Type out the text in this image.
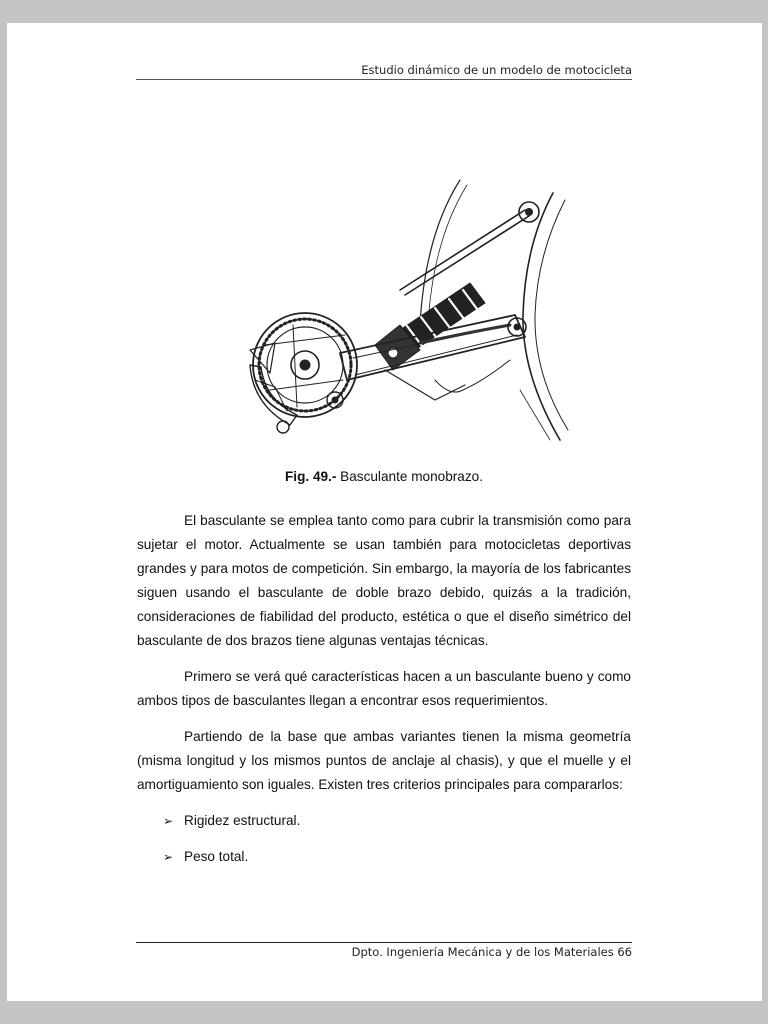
Estudio dinámico de un modelo de motocicleta
Fig. 49.- Basculante monobrazo.

El basculante se emplea tanto como para cubrir la transmisión como para sujetar el motor. Actualmente se usan también para motocicletas deportivas grandes y para motos de competición. Sin embargo, la mayoría de los fabricantes siguen usando el basculante de doble brazo debido, quizás a la tradición, consideraciones de fiabilidad del producto, estética o que el diseño simétrico del basculante de dos brazos tiene algunas ventajas técnicas.

Primero se verá qué características hacen a un basculante bueno y como ambos tipos de basculantes llegan a encontrar esos requerimientos.

Partiendo de la base que ambas variantes tienen la misma geometría (misma longitud y los mismos puntos de anclaje al chasis), y que el muelle y el amortiguamiento son iguales. Existen tres criterios principales para compararlos:

➢ Rigidez estructural.
➢ Peso total.
Dpto. Ingeniería Mecánica y de los Materiales 66
